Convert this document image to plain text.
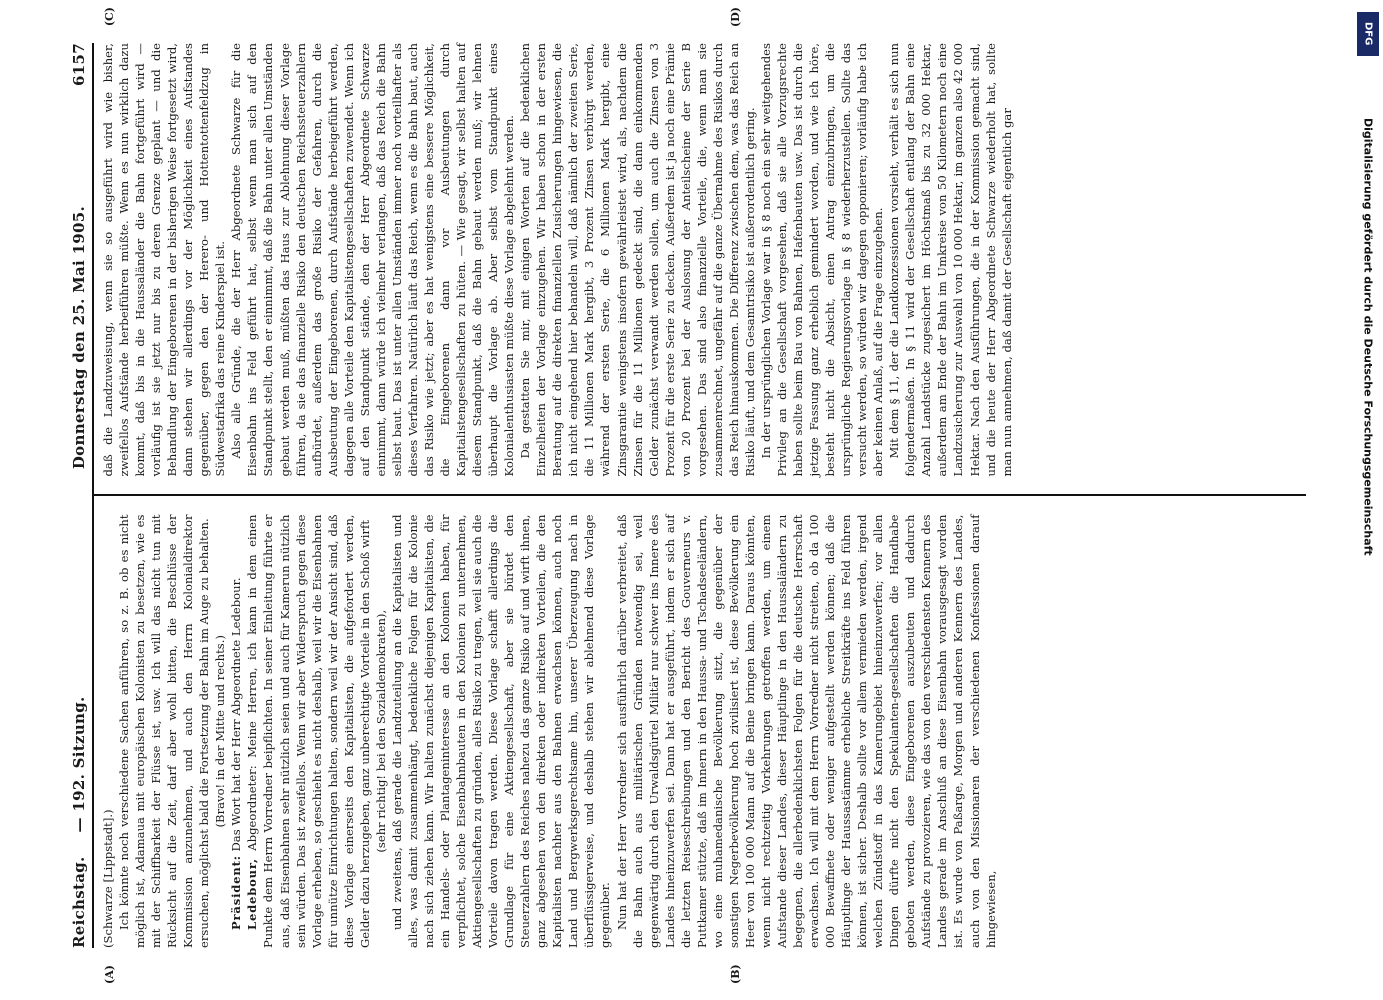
Reichstag.
— 192. Sitzung.
Donnerstag den 25. Mai 1905.
6157
(A)	(B)

(Schwarze [Lippstadt].) Ich könnte noch verschiedene Sachen anführen, so z. B. ob es nicht möglich ist, Adamaua mit europäischen Kolonisten zu besetzen, wie es mit der Schiffbarkeit der Flüsse ist, usw. Ich will das nicht tun mit Rücksicht auf die Zeit, darf aber wohl bitten, die Beschlüsse der Kommission anzunehmen, und auch den Herrn Kolonialdirektor ersuchen, möglichst bald die Fortsetzung der Bahn im Auge zu behalten. (Bravo! in der Mitte und rechts.)

Präsident: Das Wort hat der Herr Abgeordnete Ledebour.

Ledebour, Abgeordneter: Meine Herren, ich kann in dem einen Punkte dem Herrn Vorredner beipflichten. In seiner Einleitung führte er aus, daß Eisenbahnen sehr nützlich seien und auch für Kamerun nützlich sein würden. Das ist zweifellos. Wenn wir aber Widerspruch gegen diese Vorlage erheben, so geschieht es nicht deshalb, weil wir die Eisenbahnen für unnütze Einrichtungen halten, sondern weil wir der Ansicht sind, daß diese Vorlage einerseits den Kapitalisten, die aufgefordert werden, Gelder dazu herzugeben, ganz unberechtigte Vorteile in den Schoß wirft (sehr richtig! bei den Sozialdemokraten), und zweitens, daß gerade die Landzuteilung an die Kapitalisten und alles, was damit zusammenhängt, bedenkliche Folgen für die Kolonie nach sich ziehen kann. Wir halten zunächst diejenigen Kapitalisten, die ein Handels- oder Plantageninteresse an den Kolonien haben, für verpflichtet, solche Eisenbahnbauten in den Kolonien zu unternehmen, Aktiengesellschaften zu gründen, alles Risiko zu tragen, weil sie auch die Vorteile davon tragen werden. Diese Vorlage schafft allerdings die Grundlage für eine Aktiengesellschaft, aber sie bürdet den Steuerzahlern des Reiches nahezu das ganze Risiko auf und wirft ihnen, ganz abgesehen von den direkten oder indirekten Vorteilen, die den Kapitalisten nachher aus den Bahnen erwachsen können, auch noch Land und Bergwerksgerechtsame hin, unserer Überzeugung nach in überflüssigerweise, und deshalb stehen wir ablehnend diese Vorlage gegenüber. Nun hat der Herr Vorredner sich ausführlich darüber verbreitet, daß die Bahn auch aus militärischen Gründen notwendig sei, weil gegenwärtig durch den Urwaldsgürtel Militär nur schwer ins Innere des Landes hineinzuwerfen sei. Dann hat er ausgeführt, indem er sich auf die letzten Reiseschreibungen und den Bericht des Gouverneurs v. Puttkamer stützte, daß im Innern in den Haussa- und Tschadseeländern, wo eine muhamedanische Bevölkerung sitzt, die gegenüber der sonstigen Negerbevölkerung hoch zivilisiert ist, diese Bevölkerung ein Heer von 100 000 Mann auf die Beine bringen kann. Daraus könnten, wenn nicht rechtzeitig Vorkehrungen getroffen werden, um einem Aufstande dieser Landes, dieser Häuptlinge in den Haussaländern zu begegnen, die allerbedenklichsten Folgen für die deutsche Herrschaft erwachsen. Ich will mit dem Herrn Vorredner nicht streiten, ob da 100 000 Bewaffnete oder weniger aufgestellt werden können; daß die Häuptlinge der Haussastämme erhebliche Streitkräfte ins Feld führen können, ist sicher. Deshalb sollte vor allem vermieden werden, irgend welchen Zündstoff in das Kamerungebiet hineinzuwerfen; vor allen Dingen dürfte nicht den Spekulanten-gesellschaften die Handhabe geboten werden, diese Eingeborenen auszubeuten und dadurch Aufstände zu provozieren, wie das von den verschiedensten Kennern des Landes gerade im Anschluß an diese Eisenbahn vorausgesagt worden ist. Es wurde von Paßarge, Morgen und anderen Kennern des Landes, auch von den Missionaren der verschiedenen Konfessionen darauf hingewiesen,

(C)	(D)

daß die Landzuweisung, wenn sie so ausgeführt wird wie bisher, zweifellos Aufstände herbeiführen müßte. Wenn es nun wirklich dazu kommt, daß bis in die Haussaländer die Bahn fortgeführt wird — vorläufig ist sie jetzt nur bis zu deren Grenze geplant — und die Behandlung der Eingeborenen in der bisherigen Weise fortgesetzt wird, dann stehen wir allerdings vor der Möglichkeit eines Aufstandes gegenüber, gegen den der Herero- und Hottentottenfeldzug in Südwestafrika das reine Kinderspiel ist. Also alle Gründe, die der Herr Abgeordnete Schwarze für die Eisenbahn ins Feld geführt hat, selbst wenn man sich auf den Standpunkt stellt, den er einnimmt, daß die Bahn unter allen Umständen gebaut werden muß, müßten das Haus zur Ablehnung dieser Vorlage führen, da sie das finanzielle Risiko den deutschen Reichssteuerzahlern aufbürdet, außerdem das große Risiko der Gefahren, durch die Ausbeutung der Eingeborenen, durch Aufstände herbeigeführt werden, dagegen alle Vorteile den Kapitalistengesellschaften zuwendet. Wenn ich auf den Standpunkt stände, den der Herr Abgeordnete Schwarze einnimmt, dann würde ich vielmehr verlangen, daß das Reich die Bahn selbst baut. Das ist unter allen Umständen immer noch vorteilhafter als dieses Verfahren. Natürlich läuft das Reich, wenn es die Bahn baut, auch das Risiko wie jetzt; aber es hat wenigstens eine bessere Möglichkeit, die Eingeborenen dann vor Ausbeutungen durch Kapitalistengesellschaften zu hüten. — Wie gesagt, wir selbst halten auf diesem Standpunkt, daß die Bahn gebaut werden muß; wir lehnen überhaupt die Vorlage ab. Aber selbst vom Standpunkt eines Kolonialenthusiasten müßte diese Vorlage abgelehnt werden. Da gestatten Sie mir, mit einigen Worten auf die bedenklichen Einzelheiten der Vorlage einzugehen. Wir haben schon in der ersten Beratung auf die direkten finanziellen Zusicherungen hingewiesen, die ich nicht eingehend hier behandeln will, daß nämlich der zweiten Serie, die 11 Millionen Mark hergibt, 3 Prozent Zinsen verbürgt werden, während der ersten Serie, die 6 Millionen Mark hergibt, eine Zinsgarantie wenigstens insofern gewährleistet wird, als, nachdem die Zinsen für die 11 Millionen gedeckt sind, die dann einkommenden Gelder zunächst verwandt werden sollen, um auch die Zinsen von 3 Prozent für die erste Serie zu decken. Außerdem ist ja noch eine Prämie von 20 Prozent bei der Auslosung der Anteilscheine der Serie B vorgesehen. Das sind also finanzielle Vorteile, die, wenn man sie zusammenrechnet, ungefähr auf die ganze Übernahme des Risikos durch das Reich hinauskommen. Die Differenz zwischen dem, was das Reich an Risiko läuft, und dem Gesamtrisiko ist außerordentlich gering. In der ursprünglichen Vorlage war in § 8 noch ein sehr weitgehendes Privileg an die Gesellschaft vorgesehen, daß sie alle Vorzugsrechte haben sollte beim Bau von Bahnen, Hafenbauten usw. Das ist durch die jetzige Fassung ganz erheblich gemindert worden, und wie ich höre, besteht nicht die Absicht, einen Antrag einzubringen, um die ursprüngliche Regierungsvorlage in § 8 wiederherzustellen. Sollte das versucht werden, so würden wir dagegen opponieren; vorläufig habe ich aber keinen Anlaß, auf die Frage einzugehen. Mit dem § 11, der die Landkonzessionen vorsieht, verhält es sich nun folgendermaßen. In § 11 wird der Gesellschaft entlang der Bahn eine Anzahl Landstücke zugesichert im Höchstmaß bis zu 32 000 Hektar, außerdem am Ende der Bahn im Umkreise von 50 Kilometern noch eine Landzusicherung zur Auswahl von 10 000 Hektar, im ganzen also 42 000 Hektar. Nach den Ausführungen, die in der Kommission gemacht sind, und die heute der Herr Abgeordnete Schwarze wiederholt hat, sollte man nun annehmen, daß damit der Gesellschaft eigentlich gar

DFG
Digitalisierung gefördert durch die Deutsche Forschungsgemeinschaft
